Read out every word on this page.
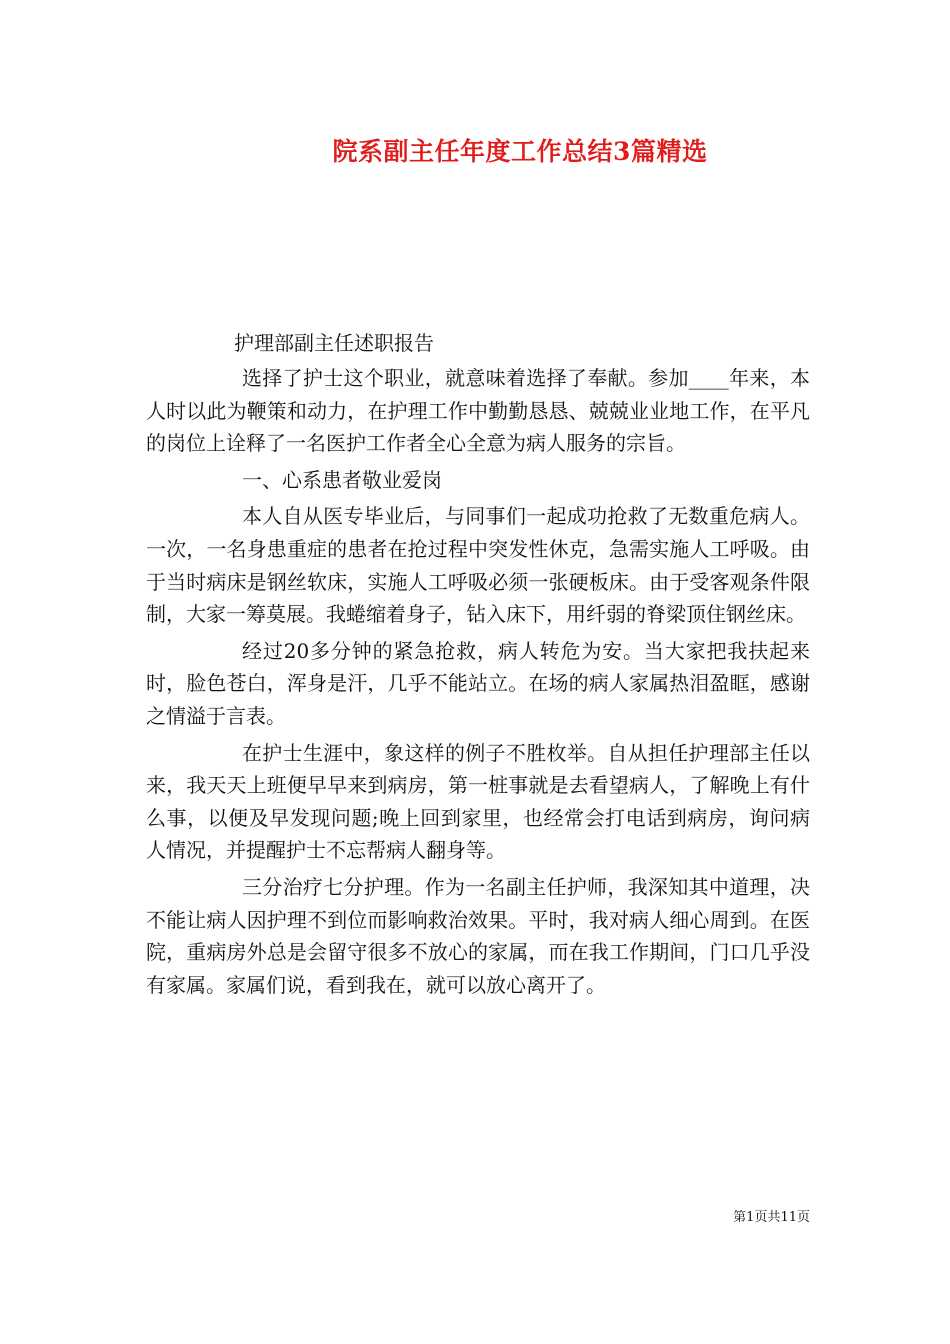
院系副主任年度工作总结3篇精选
护理部副主任述职报告

选择了护士这个职业，就意味着选择了奉献。参加____年来，本人时以此为鞭策和动力，在护理工作中勤勤恳恳、兢兢业业地工作，在平凡的岗位上诠释了一名医护工作者全心全意为病人服务的宗旨。

一、心系患者敬业爱岗

本人自从医专毕业后，与同事们一起成功抢救了无数重危病人。一次，一名身患重症的患者在抢过程中突发性休克，急需实施人工呼吸。由于当时病床是钢丝软床，实施人工呼吸必须一张硬板床。由于受客观条件限制，大家一筹莫展。我蜷缩着身子，钻入床下，用纤弱的脊梁顶住钢丝床。

经过20多分钟的紧急抢救，病人转危为安。当大家把我扶起来时，脸色苍白，浑身是汗，几乎不能站立。在场的病人家属热泪盈眶，感谢之情溢于言表。

在护士生涯中，象这样的例子不胜枚举。自从担任护理部主任以来，我天天上班便早早来到病房，第一桩事就是去看望病人，了解晚上有什么事，以便及早发现问题;晚上回到家里，也经常会打电话到病房，询问病人情况，并提醒护士不忘帮病人翻身等。

三分治疗七分护理。作为一名副主任护师，我深知其中道理，决不能让病人因护理不到位而影响救治效果。平时，我对病人细心周到。在医院，重病房外总是会留守很多不放心的家属，而在我工作期间，门口几乎没有家属。家属们说，看到我在，就可以放心离开了。

第1页共11页
